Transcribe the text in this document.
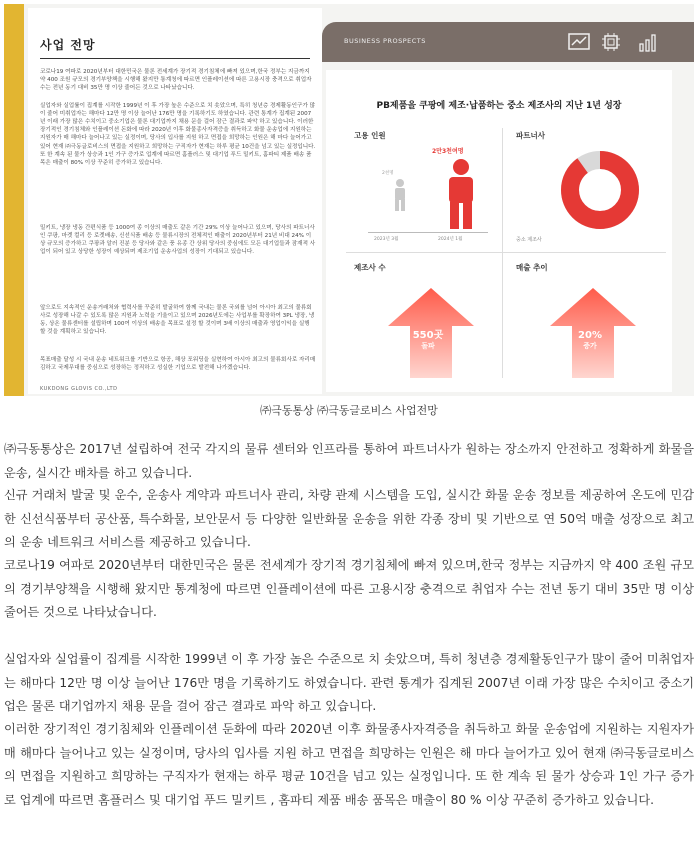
사업 전망
코로나19 여파로 2020년부터 대한민국은 물론 전세계가 장기적 경기침체에 빠져 있으며,한국 정부는 지금까지 약 400 조원 규모의 경기부양책을 시행해 왔지만 통계청에 따르면 인플레이션에 따른 고용시장 충격으로 취업자 수는 전년 동기 대비 35만 명 이상 줄어든 것으로 나타났습니다.
실업자와 실업률이 집계를 시작한 1999년 이 후 가장 높은 수준으로 치 솟았으며, 특히 청년층 경제활동인구가 많이 줄어 미취업자는 해마다 12만 명 이상 늘어난 176만 명을 기록하기도 하였습니다. 관련 통계가 집계된 2007년 이래 가장 많은 수치이고 중소기업은 물론 대기업까지 채용 문을 걸어 잠근 결과로 파악 하고 있습니다. 이러한 장기적인 경기침체와 인플레이션 돈화에 따라 2020년 이후 화물종사자격증을 취득하고 화물 운송업에 지원하는 지원자가 매 해마다 늘어나고 있는 실정이며, 당사의 입사를 지원 하고 면접을 희망하는 인원은 해 마다 늘어가고 있어 현재 ㈜극동글로비스의 면접을 지원하고 희망하는 구직자가 현재는 하루 평균 10건을 넘고 있는 실정입니다. 또 한 계속 된 물가 상승과 1인 가구 증가로 업계에 따르면 홈플러스 및 대기업 푸드 밀키트, 홈파티 제품 배송 품목은 매출이 80% 이상 꾸준히 증가하고 있습니다.
밀키트, 냉장 냉동 간편식품 등 1000여 종 이상의 매출도 같은 기간 29% 이상 늘어나고 있으며, 당사의 파트너사인 쿠팡, 마켓 컬리 등 로켓배송, 신선식품 배송 등 물류시장의 전체적인 매출이 2020년부터 21년 비대 24% 이상 규모의 증가하고 쿠팡과 알러 진분 등 당사와 같은 풍 유종 간 상위 당사의 중심에도 모든 대기업들과 잠재적 사업이 되어 있고 상당한 성장이 예상되며 제조기업 운송사업의 성장이 기대되고 있습니다.
앞으로도 지속적인 운송거래처와 협력사를 꾸준히 발굴하여 함께 국내는 물론 국외를 넘어 아시아 최고의 물류회사로 성장해 나갈 수 있도록 많은 지원과 노력을 기울이고 있으며 2026년도에는 사업부를 확장하여 3PL 냉장, 냉동, 상온 물류센터를 설립하며 100여 이상의 배송을 목표로 설정 할 것이며 3배 이상의 매출과 영업이익을 실행 할 것을 계획하고 있습니다.
목표매출 달성 시 국내 운송 네트워크를 기반으로 항공, 해상 포워딩을 실현하여 아시아 최고의 물류회사로 자리매김하고 국제무대를 중심으로 성장하는 정직하고 성실한 기업으로 발전해 나가겠습니다.
KUKDONG GLOVIS CO.,LTD
BUSINESS PROSPECTS
PB제품을 쿠팡에 제조·납품하는 중소 제조사의 지난 1년 성장
고용 인원
2천명
2만3천여명
2023년 3월	2024년 1월
파트너사
90%
중소 제조사
제조사 수
550곳
돌파
매출 추이
20%
증가
㈜극동통상 ㈜극동글로비스 사업전망

㈜극동통상은 2017년 설립하여 전국 각지의 물류 센터와 인프라를 통하여 파트너사가 원하는 장소까지 안전하고 정확하게 화물을 운송, 실시간 배차를 하고 있습니다.

신규 거래처 발굴 및 운수, 운송사 계약과 파트너사 관리, 차량 관제 시스템을 도입, 실시간 화물 운송 정보를 제공하여 온도에 민감한 신선식품부터 공산품, 특수화물, 보안문서 등 다양한 일반화물 운송을 위한 각종 장비 및 기반으로 연 50억 매출 성장으로 최고의 운송 네트워크 서비스를 제공하고 있습니다.

코로나19 여파로 2020년부터 대한민국은 물론 전세계가 장기적 경기침체에 빠져 있으며,한국 정부는 지금까지 약 400 조원 규모의 경기부양책을 시행해 왔지만 통계청에 따르면 인플레이션에 따른 고용시장 충격으로 취업자 수는 전년 동기 대비 35만 명 이상 줄어든 것으로 나타났습니다.

실업자와 실업률이 집계를 시작한 1999년 이 후 가장 높은 수준으로 치 솟았으며, 특히 청년층 경제활동인구가 많이 줄어 미취업자는 해마다 12만 명 이상 늘어난 176만 명을 기록하기도 하였습니다. 관련 통계가 집계된 2007년 이래 가장 많은 수치이고 중소기업은 물론 대기업까지 채용 문을 걸어 잠근 결과로 파악 하고 있습니다.

이러한 장기적인 경기침체와 인플레이션 둔화에 따라 2020년 이후 화물종사자격증을 취득하고 화물 운송업에 지원하는 지원자가 매 해마다 늘어나고 있는 실정이며, 당사의 입사를 지원 하고 면접을 희망하는 인원은 해 마다 늘어가고 있어 현재 ㈜극동글로비스의 면접을 지원하고 희망하는 구직자가 현재는 하루 평균 10건을 넘고 있는 실정입니다. 또 한 계속 된 물가 상승과 1인 가구 증가로 업계에 따르면 홈플러스 및 대기업 푸드 밀키트 , 홈파티 제품 배송 품목은 매출이 80 % 이상 꾸준히 증가하고 있습니다.
